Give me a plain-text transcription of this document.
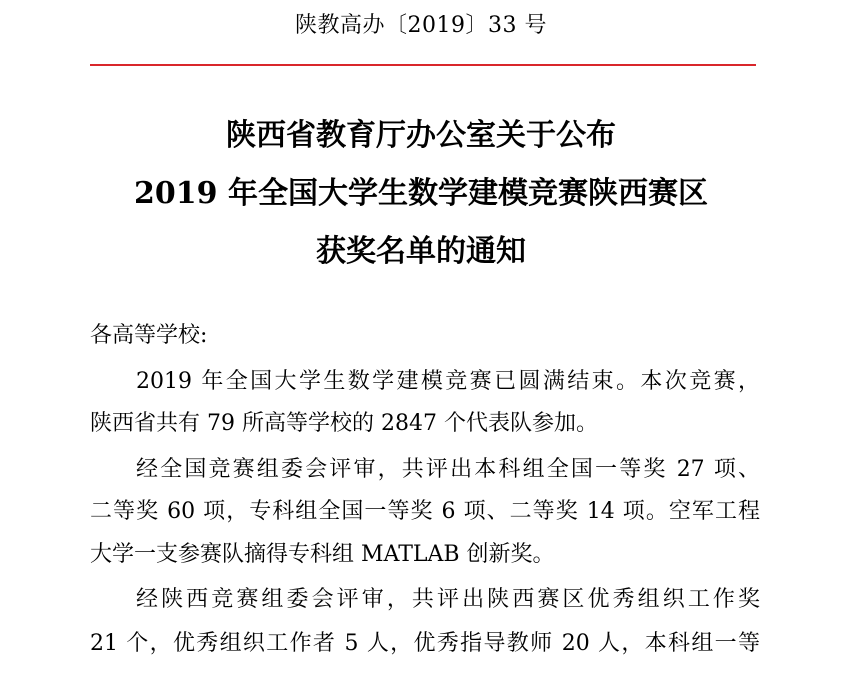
陕教高办〔2019〕33 号
陕西省教育厅办公室关于公布
2019 年全国大学生数学建模竞赛陕西赛区
获奖名单的通知
各高等学校:
2019 年全国大学生数学建模竞赛已圆满结束。本次竞赛，
陕西省共有 79 所高等学校的 2847 个代表队参加。
经全国竞赛组委会评审，共评出本科组全国一等奖 27 项、
二等奖 60 项，专科组全国一等奖 6 项、二等奖 14 项。空军工程
大学一支参赛队摘得专科组 MATLAB 创新奖。
经陕西竞赛组委会评审，共评出陕西赛区优秀组织工作奖
21 个，优秀组织工作者 5 人，优秀指导教师 20 人，本科组一等
